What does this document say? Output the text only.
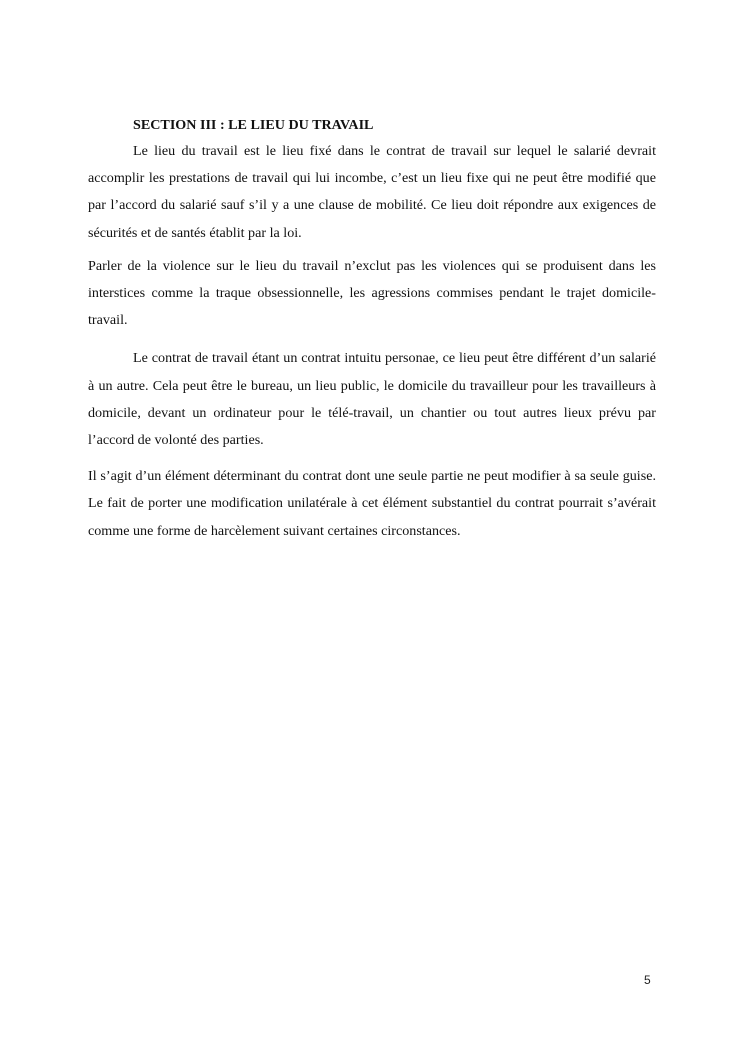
SECTION III : LE LIEU DU TRAVAIL

Le lieu du travail est le lieu fixé dans le contrat de travail sur lequel le salarié devrait accomplir les prestations de travail qui lui incombe, c’est un lieu fixe qui ne peut être modifié que par l’accord du salarié sauf s’il y a une clause de mobilité. Ce lieu doit répondre aux exigences de sécurités et de santés établit par la loi.

Parler de la violence sur le lieu du travail n’exclut pas les violences qui se produisent dans les interstices comme la traque obsessionnelle, les agressions commises pendant le trajet domicile-travail.

Le contrat de travail étant un contrat intuitu personae, ce lieu peut être différent d’un salarié à un autre. Cela peut être le bureau, un lieu public, le domicile du travailleur pour les travailleurs à domicile, devant un ordinateur pour le télé-travail, un chantier ou tout autres lieux prévu par l’accord de volonté des parties.

Il s’agit d’un élément déterminant du contrat dont une seule partie ne peut modifier à sa seule guise. Le fait de porter une modification unilatérale à cet élément substantiel du contrat pourrait s’avérait comme une forme de harcèlement suivant certaines circonstances.

5
